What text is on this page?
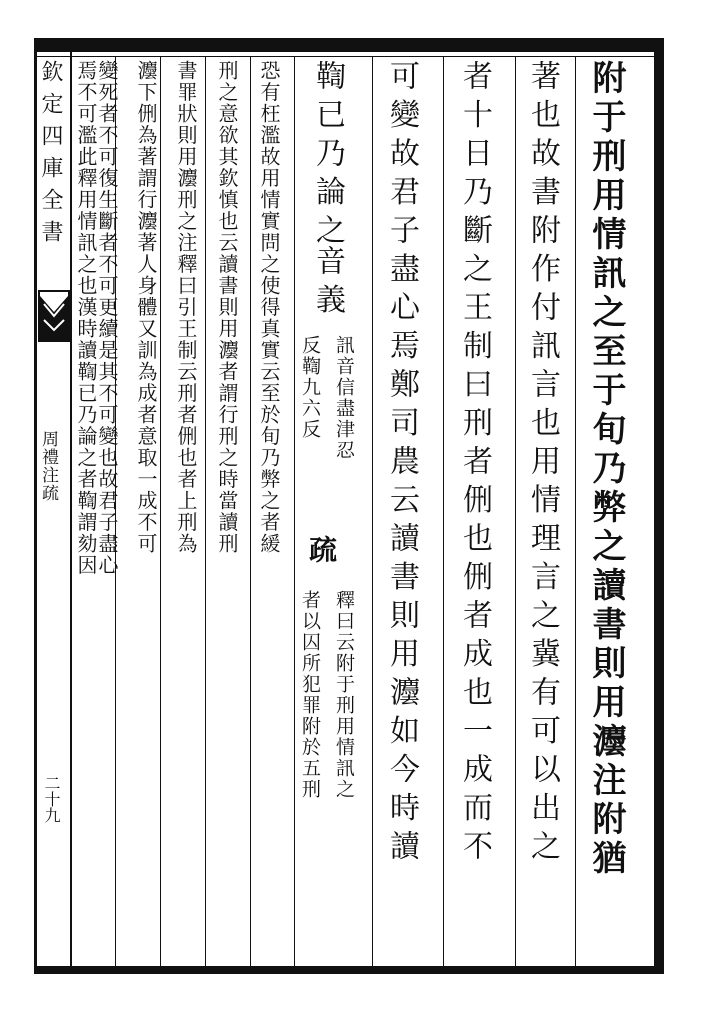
欽定四庫全書
周禮注疏
二十九	附于刑用情訊之至于旬乃弊之讀書則用灋注附猶
著也故書附作付訊言也用情理言之冀有可以出之
者十日乃斷之王制曰刑者侀也侀者成也一成而不
可變故君子盡心焉鄭司農云讀書則用灋如今時讀
鞫已乃論之
音義
訊音信盡津忍
反鞫九六反
疏
釋曰云附于刑用情訊之
者以囚所犯罪附於五刑
恐有枉濫故用情實問之使得真實云至於旬乃弊之者緩
刑之意欲其欽慎也云讀書則用灋者謂行刑之時當讀刑
書罪狀則用灋刑之注釋曰引王制云刑者侀也者上刑為
灋下侀為著謂行灋著人身體又訓為成者意取一成不可
變死者不可復生斷者不可更續是其不可變也故君子盡心
焉不可濫此釋用情訊之也漢時讀鞫已乃論之者鞫謂劾因
